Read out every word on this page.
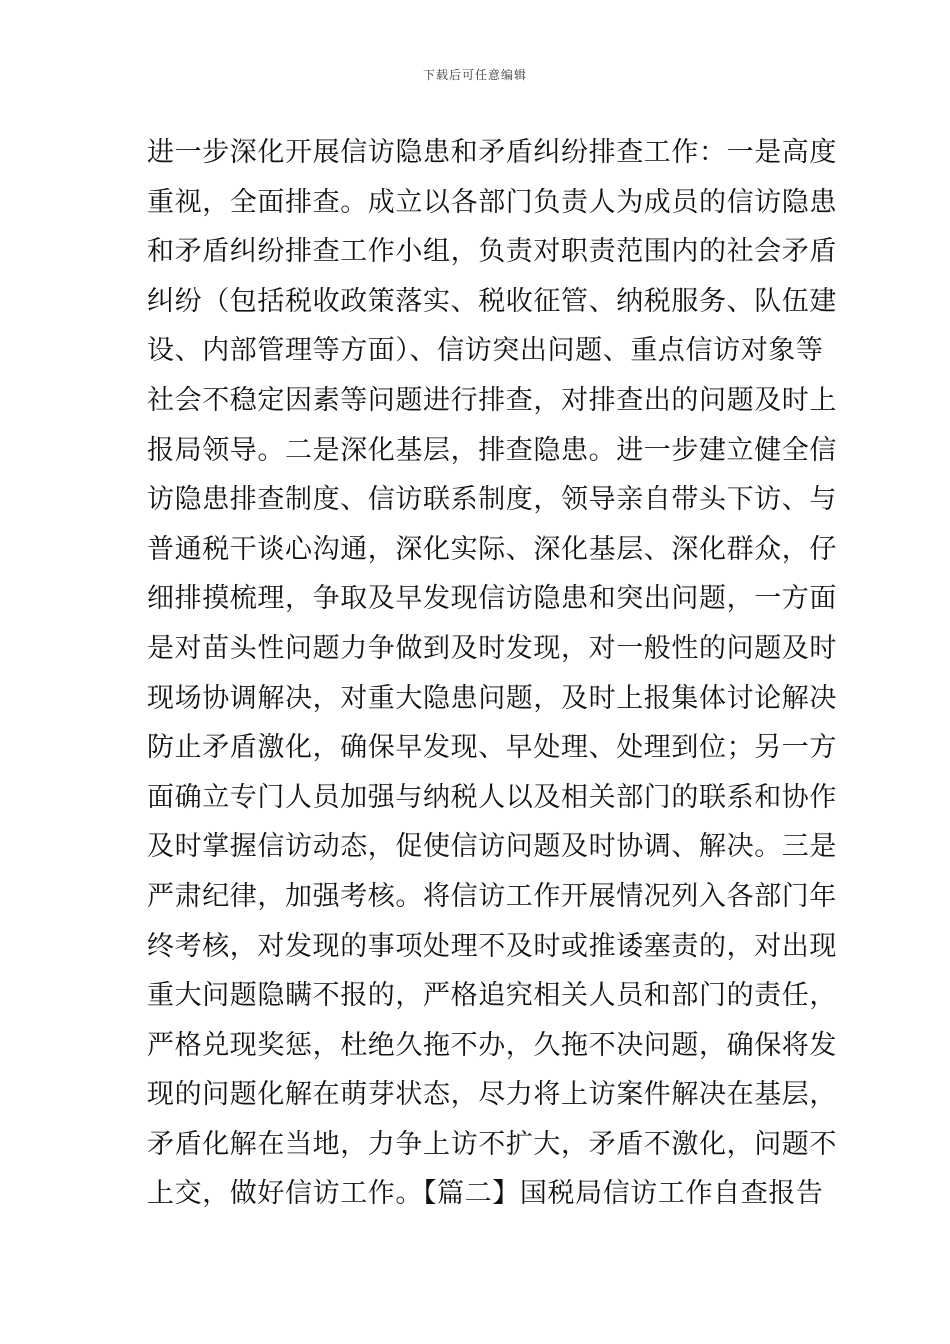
下载后可任意编辑
进一步深化开展信访隐患和矛盾纠纷排查工作：一是高度
重视，全面排查。成立以各部门负责人为成员的信访隐患
和矛盾纠纷排查工作小组，负责对职责范围内的社会矛盾
纠纷（包括税收政策落实、税收征管、纳税服务、队伍建
设、内部管理等方面）、信访突出问题、重点信访对象等
社会不稳定因素等问题进行排查，对排查出的问题及时上
报局领导。二是深化基层，排查隐患。进一步建立健全信
访隐患排查制度、信访联系制度，领导亲自带头下访、与
普通税干谈心沟通，深化实际、深化基层、深化群众，仔
细排摸梳理，争取及早发现信访隐患和突出问题，一方面
是对苗头性问题力争做到及时发现，对一般性的问题及时
现场协调解决，对重大隐患问题，及时上报集体讨论解决
防止矛盾激化，确保早发现、早处理、处理到位；另一方
面确立专门人员加强与纳税人以及相关部门的联系和协作
及时掌握信访动态，促使信访问题及时协调、解决。三是
严肃纪律，加强考核。将信访工作开展情况列入各部门年
终考核，对发现的事项处理不及时或推诿塞责的，对出现
重大问题隐瞒不报的，严格追究相关人员和部门的责任，
严格兑现奖惩，杜绝久拖不办，久拖不决问题，确保将发
现的问题化解在萌芽状态，尽力将上访案件解决在基层，
矛盾化解在当地，力争上访不扩大，矛盾不激化，问题不
上交，做好信访工作。【篇二】国税局信访工作自查报告
